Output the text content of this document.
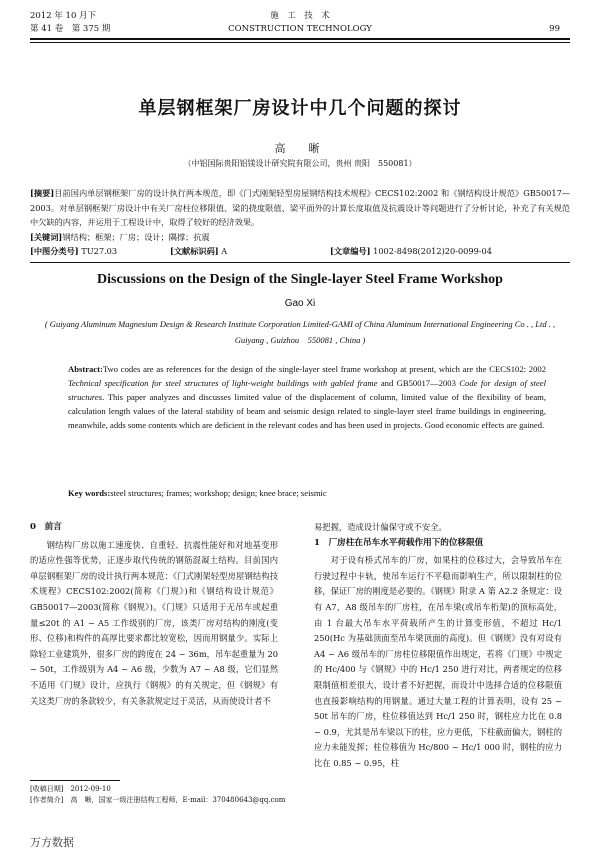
2012 年 10 月下
第 41 卷　第 375 期
施　工　技　术
CONSTRUCTION TECHNOLOGY	99
单层钢框架厂房设计中几个问题的探讨
高　晰
（中铝国际贵阳铝镁设计研究院有限公司，贵州 贵阳　550081）
[摘要]目前国内单层钢框架厂房的设计执行两本规范，即《门式刚架轻型房屋钢结构技术规程》CECS102:2002 和《钢结构设计规范》GB50017—2003。对单层钢框架厂房设计中有关厂房柱位移限值、梁的挠度限值、梁平面外的计算长度取值及抗震设计等问题进行了分析讨论，补充了有关规范中欠缺的内容，并运用于工程设计中，取得了较好的经济效果。
[关键词]钢结构；框架；厂房；设计；隅撑；抗震
[中图分类号] TU27.03	[文献标识码] A	[文章编号] 1002-8498(2012)20-0099-04
Discussions on the Design of the Single-layer Steel Frame Workshop
Gao Xi
( Guiyang Aluminum Magnesium Design & Research Institute Corporation Limited-GAMI of China Aluminum International Engineering Co . , Ltd . , Guiyang , Guizhou　550081 , China )
Abstract:Two codes are as references for the design of the single-layer steel frame workshop at present, which are the CECS102: 2002 Technical specification for steel structures of light-weight buildings with gabled frame and GB50017—2003 Code for design of steel structures. This paper analyzes and discusses limited value of the displacement of column, limited value of the flexibility of beam, calculation length values of the lateral stability of beam and seismic design related to single-layer steel frame buildings in engineering, meanwhile, adds some contents which are deficient in the relevant codes and has been used in projects. Good economic effects are gained.
Key words:steel structures; frames; workshop; design; knee brace; seismic
0　前言

钢结构厂房以施工速度快、自重轻、抗震性能好和对地基变形的适应性强等优势，正逐步取代传统的钢筋混凝土结构。目前国内单层钢框架厂房的设计执行两本规范：《门式刚架轻型房屋钢结构技术规程》CECS102:2002(简称《门规》)和《钢结构设计规范》GB50017—2003(简称《钢规》)。《门规》只适用于无吊车或起重量≤20t 的 A1 ~ A5 工作级别的厂房，该类厂房对结构的刚度(变形、位移)和构件的高厚比要求都比较宽松，因而用钢量少。实际上除轻工业建筑外，很多厂房的跨度在 24 ~ 36m，吊车起重量为 20 ~ 50t，工作级别为 A4 ~ A6 级，少数为 A7 ~ A8 级，它们显然不适用《门规》设计，应执行《钢规》的有关规定，但《钢规》有关这类厂房的条款较少，有关条款规定过于灵活，从而使设计者不

易把握，造成设计偏保守或不安全。

1　厂房柱在吊车水平荷载作用下的位移限值

对于设有桥式吊车的厂房，如果柱的位移过大，会导致吊车在行驶过程中卡轨，使吊车运行不平稳而影响生产，所以限制柱的位移，保证厂房的刚度是必要的。《钢规》附录 A 第 A2.2 条规定：设有 A7，A8 级吊车的厂房柱，在吊车梁(或吊车桁架)的顶标高处，由 1 台最大吊车水平荷载所产生的计算变形值，不超过 Hc/1 250(Hc 为基础顶面至吊车梁顶面的高度)。但《钢规》没有对设有 A4 ~ A6 级吊车的厂房柱位移限值作出规定，若将《门规》中规定的 Hc/400 与《钢规》中的 Hc/1 250 进行对比，两者规定的位移限制值相差很大，设计者不好把握，而设计中选择合适的位移限值也直接影响结构的用钢量。通过大量工程的计算表明，设有 25 ~ 50t 吊车的厂房，柱位移值达到 Hc/1 250 时，钢柱应力比在 0.8 ~ 0.9，尤其是吊车梁以下的柱，应力更低，下柱截面偏大，钢柱的应力未能发挥；柱位移值为 Hc/800 ~ Hc/1 000 时，钢柱的应力比在 0.85 ~ 0.95，柱

[收稿日期]　2012-09-10
[作者简介]　高　晰，国家一级注册结构工程师，E-mail：370480643@qq.com
万方数据
